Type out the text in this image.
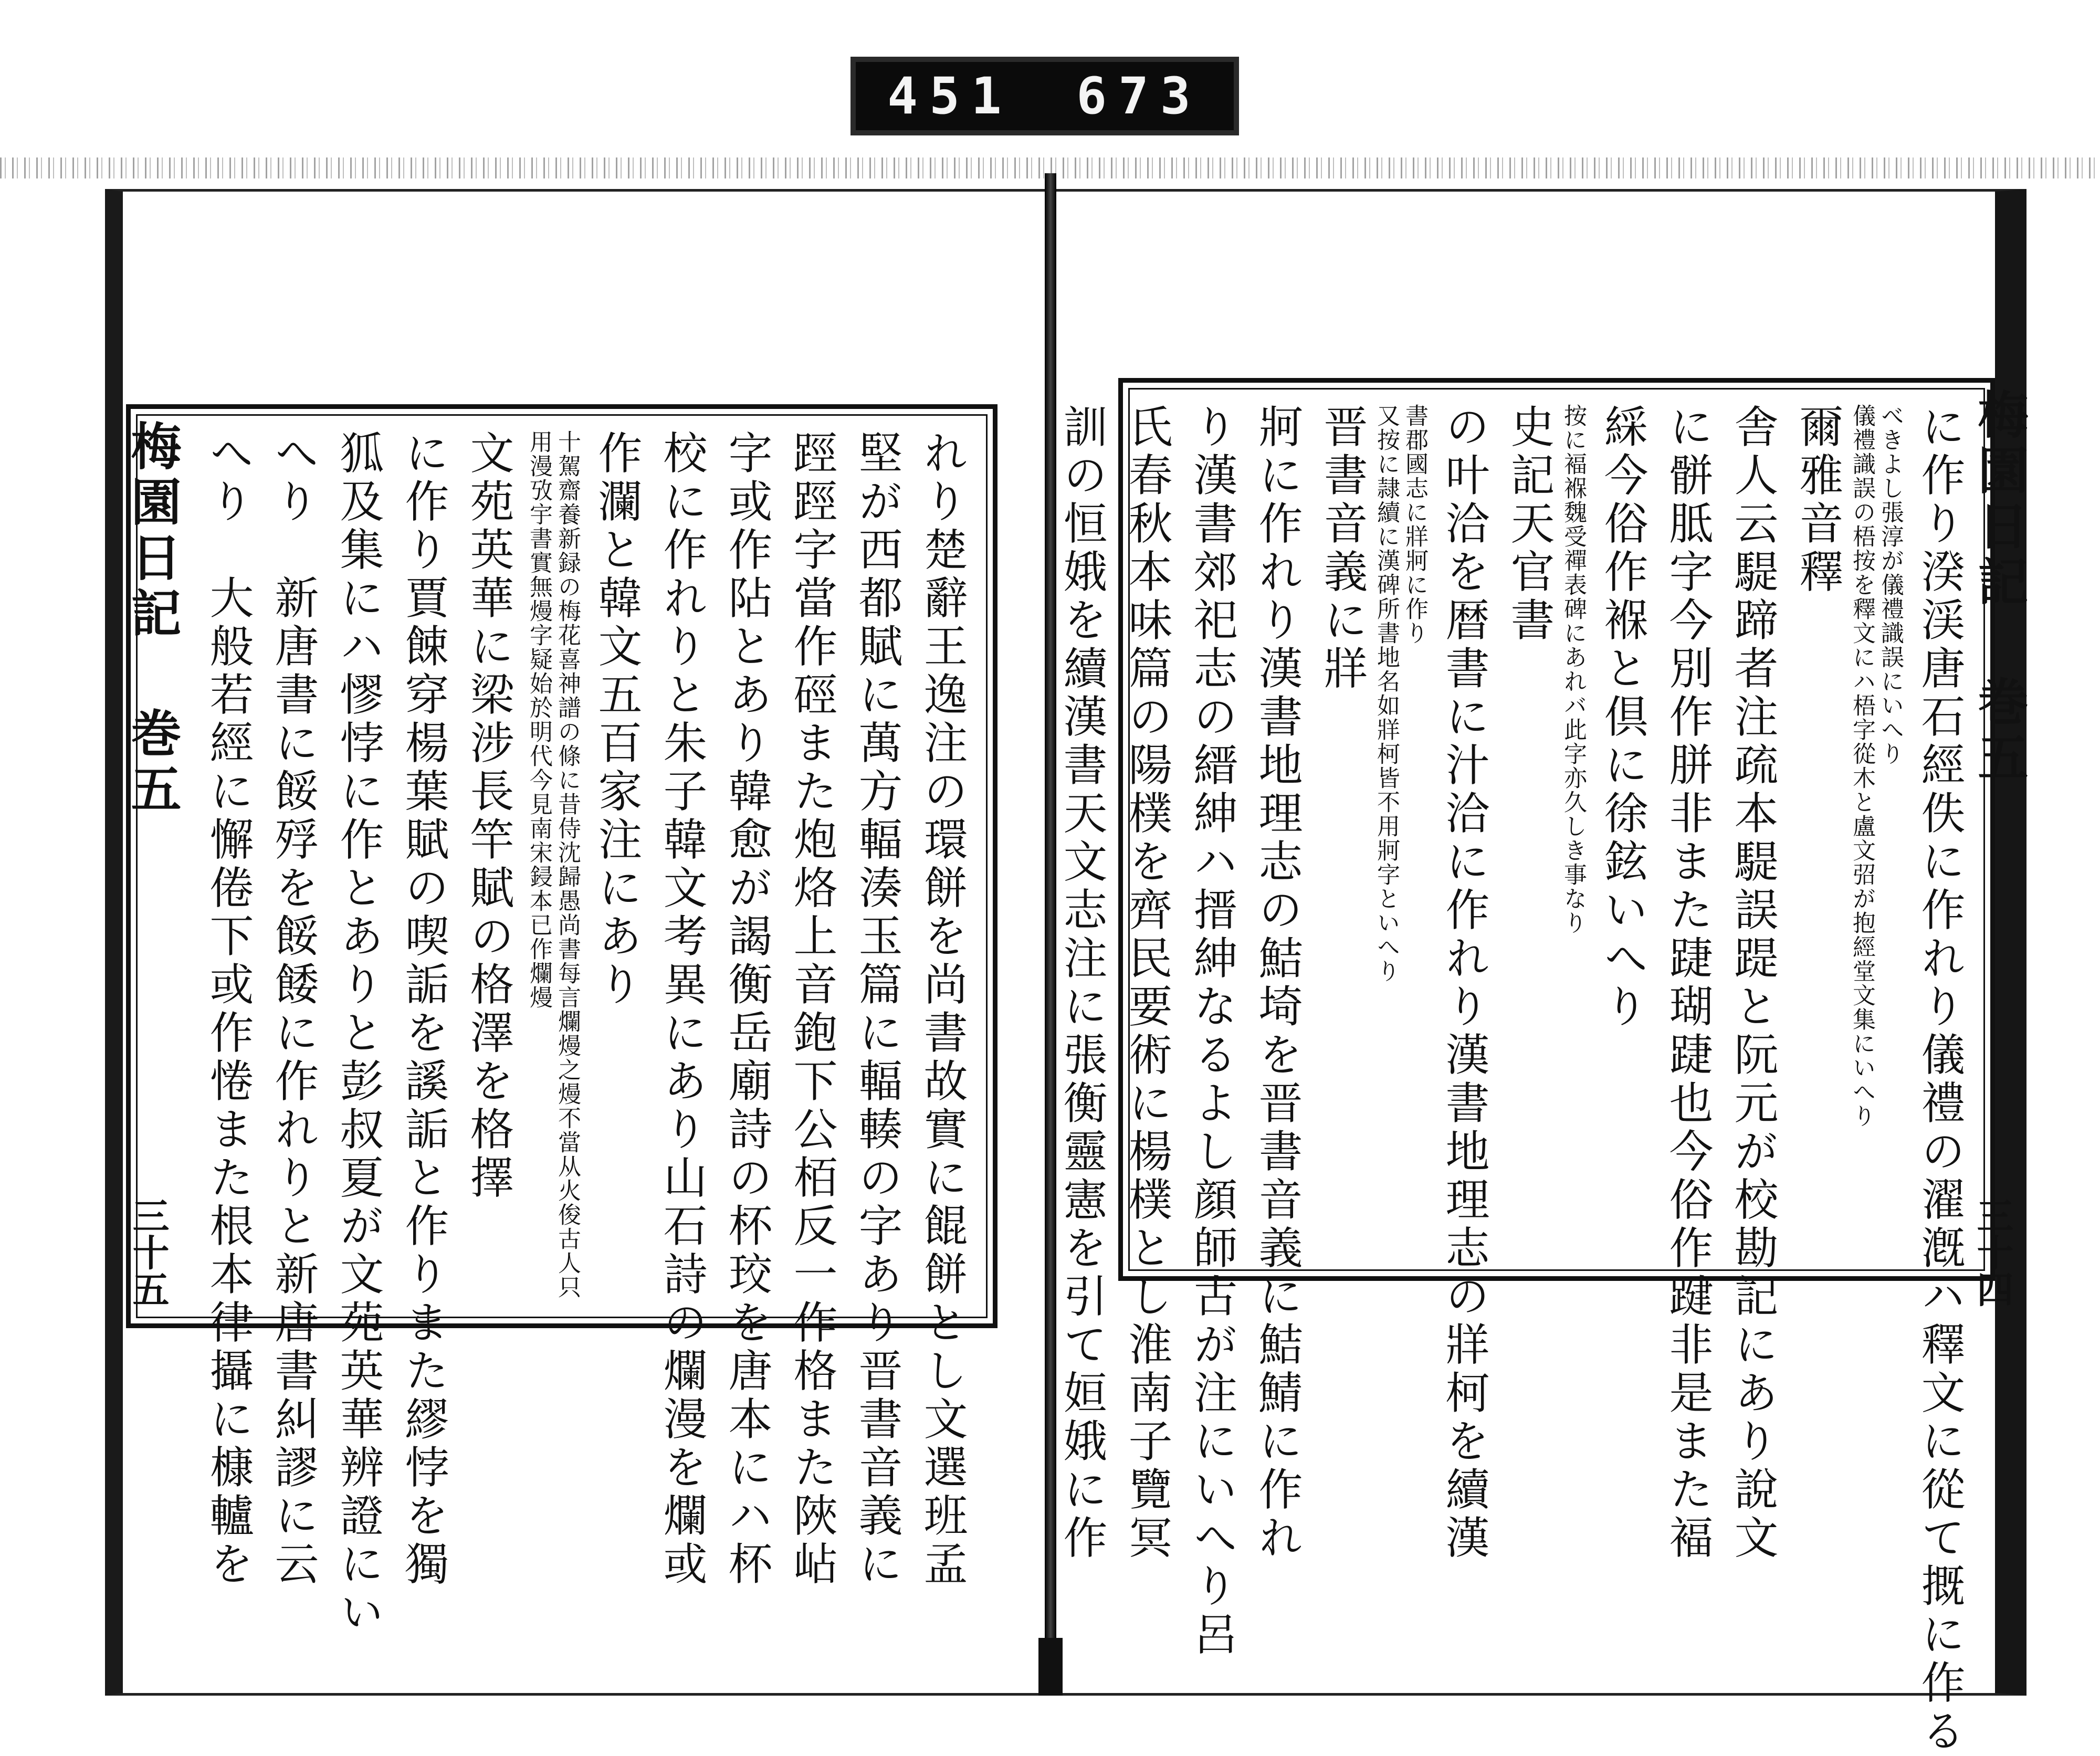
451 673
梅園日記 巻五
三十五
梅園日記 巻五
三十四
に作り湀渓唐石經佚に作れり儀禮の濯漑ハ釋文に從て摡に作る
べきよし張淳が儀禮識誤にいへり
儀禮識誤の梧按を釋文にハ梧字從木と盧文弨が抱經堂文集にいへり
爾雅音釋
舎人云騠蹄者注疏本騠誤踶と阮元が校勘記にあり說文
に骿胝字今別作胼非また踕瑚踕也今俗作踺非是また褔
綵今俗作褓と倶に徐鉉いへり
按に褔褓魏受禪表碑にあれバ此字亦久しき事なり
史記天官書
の叶洽を暦書に汁洽に作れり漢書地理志の牂柯を續漢
書郡國志に牂牁に作り
又按に隷續に漢碑所書地名如牂柯皆不用牁字といへり
晋書音義に牂
牁に作れり漢書地理志の鮚埼を晋書音義に鮚鯖に作れ
り漢書郊祀志の縉紳ハ搢紳なるよし顔師古が注にいへり呂
氏春秋本味篇の陽樸を齊民要術に楊樸とし淮南子覽冥
訓の恒娥を續漢書天文志注に張衡靈憲を引て姮娥に作
れり楚辭王逸注の環餅を尚書故實に餛餅とし文選班孟
堅が西都賦に萬方輻湊玉篇に輻輳の字あり晋書音義に
踁踁字當作硜また炮烙上音鉋下公栢反一作格また陜岾
字或作阽とあり韓愈が謁衡岳廟詩の杯珓を唐本にハ杯
校に作れりと朱子韓文考異にあり山石詩の爛漫を爛或
作瀾と韓文五百家注にあり
十駕齋養新録の梅花喜神譜の條に昔侍沈歸愚尚書每言爛熳之熳不當从火俊古人只
用漫攷宇書實無熳字疑始於明代今見南宋鋟本已作爛熳
文苑英華に梁涉長竿賦の格澤を格擇
に作り賈餗穿楊葉賦の喫詬を謑詬と作りまた繆悖を獨
狐及集にハ憀悖に作とありと彭叔夏が文苑英華辨證にい
へり　新唐書に餒殍を餒餧に作れりと新唐書糾謬に云
へり　大般若經に懈倦下或作惓また根本律攝に槺轤を
